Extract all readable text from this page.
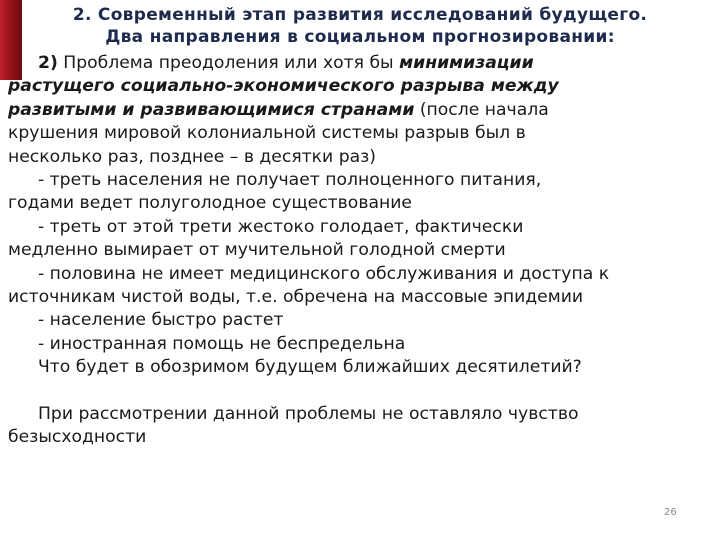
2. Современный этап развития исследований будущего.
Два направления в социальном прогнозировании:

2) Проблема преодоления или хотя бы минимизации

растущего социально-экономического разрыва между

развитыми и развивающимися странами (после начала

крушения мировой колониальной системы разрыв был в

несколько раз, позднее – в десятки раз)

- треть населения не получает полноценного питания,

годами ведет полуголодное существование

- треть от этой трети жестоко голодает, фактически

медленно вымирает от мучительной голодной смерти

- половина не имеет медицинского обслуживания и доступа к

источникам чистой воды, т.е. обречена на массовые эпидемии

- население быстро растет

- иностранная помощь не беспредельна

Что будет в обозримом будущем ближайших десятилетий?

При рассмотрении данной проблемы не оставляло чувство

безысходности

26
